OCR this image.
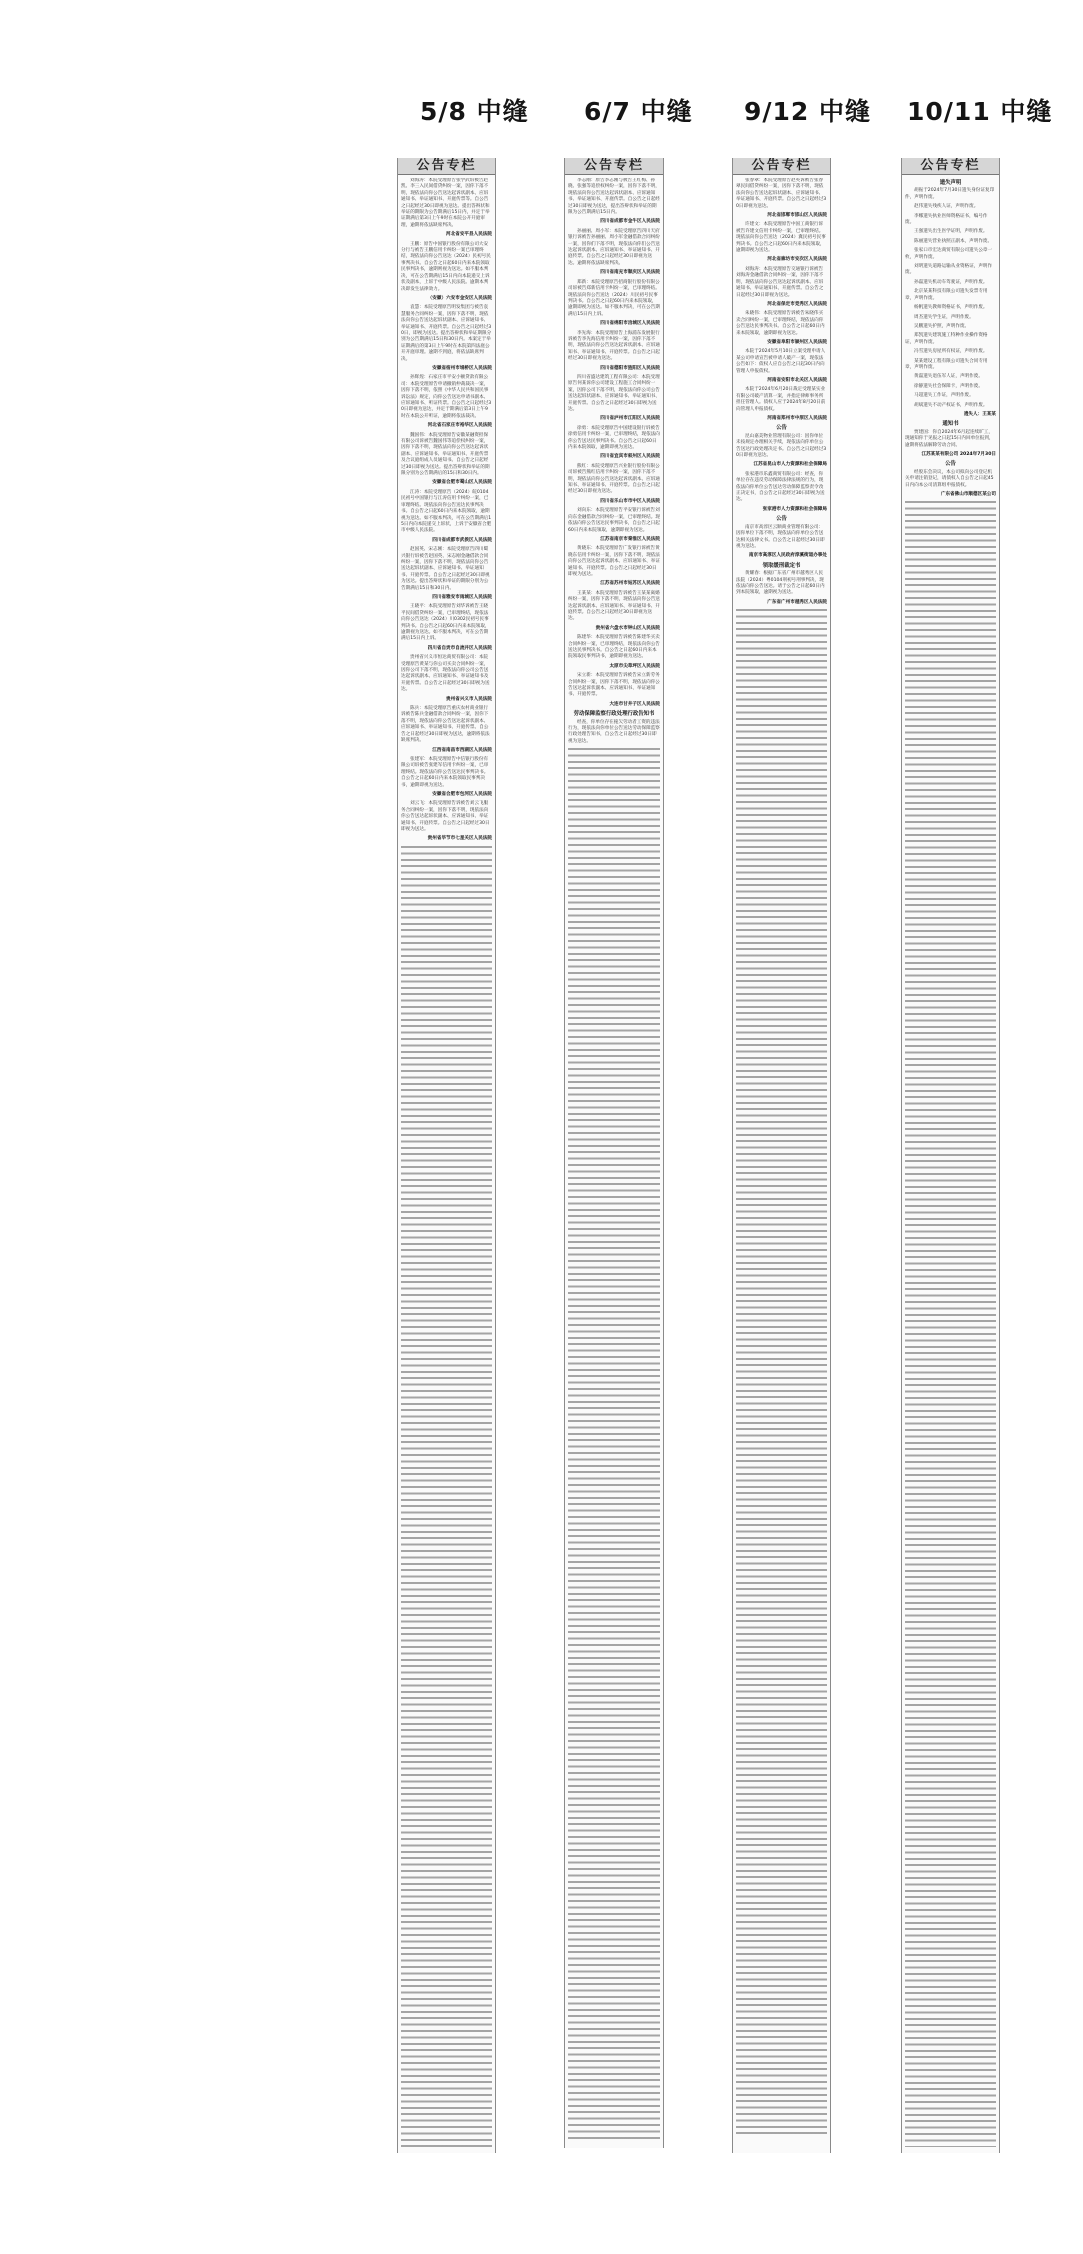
5/8 中缝 6/7 中缝 9/12 中缝 10/11 中缝
公告专栏

刘海涛：本院受理原告张学武诉被告赵凯、李三入民间借贷纠纷一案，因你下落不明，现依法向你公告送达起诉状副本、应诉通知书、举证通知书、开庭传票等。自公告之日起经过30日即视为送达。提出答辩状和举证的期限为公告期满后15日内，并定于举证期满后第3日上午9时在本院公开开庭审理，逾期将依法缺席判决。

河北省安平县人民法院

王鹏：原告中国银行股份有限公司大安分行与被告王鹏信用卡纠纷一案已审理终结，现依法向你公告送达（2024）民初号民事判决书。自公告之日起60日内来本院领取民事判决书，逾期则视为送达。如不服本判决，可在公告期满后15日内向本院递交上诉状及副本，上诉于中级人民法院。逾期本判决即发生法律效力。

（安徽）六安市金安区人民法院

袁慧：本院受理原告明发集团与被告袁慧服务合同纠纷一案，因你下落不明，现依法向你公告送达起诉状副本、应诉通知书、举证通知书、开庭传票。自公告之日起经过30日，即视为送达。提出答辩状和举证期限分别为公告期满后15日和30日内。本案定于举证期满后的第3日上午9时在本院第四法庭公开开庭审理。逾期不到庭，将依法缺席判决。

安徽省宿州市埇桥区人民法院

孙辉煌：石家庄市平安小额贷款有限公司：本院受理原告申请撤销仲裁裁决一案，因你下落不明，依照《中华人民共和国民事诉讼法》规定，向你公告送达申请书副本、应诉通知书、听证传票。自公告之日起经过30日即视为送达，并定于期满后第3日上午9时在本院公开听证，逾期将依法裁决。

河北省石家庄市裕华区人民法院

魏国伟：本院受理原告安徽某融资担保有限公司诉被告魏国伟等追偿权纠纷一案，因你下落不明，现依法向你公告送达起诉状副本、应诉通知书、举证通知书、开庭传票及合议庭组成人员通知书。自公告之日起经过30日即视为送达。提出答辩状和举证的期限分别为公告期满后的15日和30日内。

安徽省合肥市蜀山区人民法院

江涛：本院受理原告（2024）皖0104民初号中国银行与江涛信用卡纠纷一案，已审理终结。现依法向你公告送达民事判决书。自公告之日起60日内来本院领取，逾期视为送达。如不服本判决，可在公告期满后15日内向本院递交上诉状，上诉于安徽省合肥市中级人民法院。

四川省成都市武侯区人民法院

赵国英、宋志刚：本院受理原告四川蜀兴银行诉被告赵国英、宋志刚金融借款合同纠纷一案，因你下落不明，现依法向你公告送达起诉状副本、应诉通知书、举证通知书、开庭传票。自公告之日起经过30日即视为送达。提出答辩状和举证的期限分别为公告期满后15日和30日内。

四川省雅安市雨城区人民法院

王晓平：本院受理原告刘华诉被告王晓平民间借贷纠纷一案，已审理终结，现依法向你公告送达（2024）川0302民初号民事判决书。自公告之日起60日内来本院领取，逾期视为送达。如不服本判决，可在公告期满后15日内上诉。

四川省自贡市自流井区人民法院

贵州省兴义市恒达商贸有限公司：本院受理原告黄某与你公司买卖合同纠纷一案，因你公司下落不明，现依法向你公司公告送达起诉状副本、应诉通知书、举证通知书及开庭传票。自公告之日起经过30日即视为送达。

贵州省兴义市人民法院

陈兵：本院受理原告重庆农村商业银行诉被告陈兵金融借款合同纠纷一案，因你下落不明，现依法向你公告送达起诉状副本、应诉通知书、举证通知书、开庭传票。自公告之日起经过30日即视为送达，逾期将依法缺席判决。

江西省南昌市西湖区人民法院

张建军：本院受理原告中信银行股份有限公司诉被告张建军信用卡纠纷一案，已审理终结。现依法向你公告送达民事判决书。自公告之日起60日内来本院领取民事判决书，逾期即视为送达。

安徽省合肥市包河区人民法院

刘云飞：本院受理原告诉被告刘云飞服务合同纠纷一案，因你下落不明，现依法向你公告送达起诉状副本、应诉通知书、举证通知书、开庭传票。自公告之日起经过30日即视为送达。

贵州省毕节市七星关区人民法院

公告专栏

李志刚：原告李志刚与被告王红梅、孙晓、张强等追偿权纠纷一案，因你下落不明，现依法向你公告送达起诉状副本、应诉通知书、举证通知书、开庭传票。自公告之日起经过30日即视为送达，提出答辩状和举证的期限为公告期满后15日内。

四川省成都市金牛区人民法院

孙丽丽、周小军：本院受理原告四川天府银行诉被告孙丽丽、周小军金融借款合同纠纷一案，因你们下落不明，现依法向你们公告送达起诉状副本、应诉通知书、举证通知书、开庭传票。自公告之日起经过30日即视为送达。逾期将依法缺席判决。

四川省南充市顺庆区人民法院

郑新：本院受理原告招商银行股份有限公司诉被告郑新信用卡纠纷一案，已审理终结。现依法向你公告送达（2024）川民初号民事判决书。自公告之日起60日内来本院领取，逾期即视为送达。如不服本判决，可在公告期满后15日内上诉。

四川省绵阳市涪城区人民法院

李先海：本院受理原告上海浦东发展银行诉被告李先海信用卡纠纷一案，因你下落不明，现依法向你公告送达起诉状副本、应诉通知书、举证通知书、开庭传票。自公告之日起经过30日即视为送达。

四川省德阳市旌阳区人民法院

四川省盛达建筑工程有限公司：本院受理原告何某诉你公司建设工程施工合同纠纷一案，因你公司下落不明，现依法向你公司公告送达起诉状副本、应诉通知书、举证通知书、开庭传票。自公告之日起经过30日即视为送达。

四川省泸州市江阳区人民法院

徐勇：本院受理原告中国建设银行诉被告徐勇信用卡纠纷一案，已审理终结，现依法向你公告送达民事判决书。自公告之日起60日内来本院领取，逾期即视为送达。

四川省宜宾市叙州区人民法院

熊红：本院受理原告兴业银行股份有限公司诉被告熊红信用卡纠纷一案，因你下落不明，现依法向你公告送达起诉状副本、应诉通知书、举证通知书、开庭传票。自公告之日起经过30日即视为送达。

四川省乐山市市中区人民法院

刘向东：本院受理原告平安银行诉被告刘向东金融借款合同纠纷一案，已审理终结。现依法向你公告送达民事判决书，自公告之日起60日内来本院领取，逾期即视为送达。

江苏省南京市秦淮区人民法院

黄晓东：本院受理原告广发银行诉被告黄晓东信用卡纠纷一案，因你下落不明，现依法向你公告送达起诉状副本、应诉通知书、举证通知书、开庭传票。自公告之日起经过30日即视为送达。

江苏省苏州市姑苏区人民法院

王某某：本院受理原告诉被告王某某离婚纠纷一案，因你下落不明，现依法向你公告送达起诉状副本、应诉通知书、举证通知书、开庭传票。自公告之日起经过30日即视为送达。

贵州省六盘水市钟山区人民法院

陈建华：本院受理原告诉被告陈建华买卖合同纠纷一案，已审理终结，现依法向你公告送达民事判决书。自公告之日起60日内来本院领取民事判决书，逾期即视为送达。

太原市尖草坪区人民法院

宋立新：本院受理原告诉被告宋立新劳务合同纠纷一案，因你下落不明，现依法向你公告送达起诉状副本、应诉通知书、举证通知书、开庭传票。

大连市甘井子区人民法院

劳动保障监察行政处理行政告知书

经查，你单位存在拖欠劳动者工资的违法行为，现依法向你单位公告送达劳动保障监察行政处理告知书，自公告之日起经过30日即视为送达。

公告专栏

张春翠：本院受理原告赵英诉被告张春翠民间借贷纠纷一案，因你下落不明，现依法向你公告送达起诉状副本、应诉通知书、举证通知书、开庭传票。自公告之日起经过30日即视为送达。

河北省邯郸市邯山区人民法院

许建文：本院受理原告中国工商银行诉被告许建文信用卡纠纷一案，已审理终结。现依法向你公告送达（2024）冀民初号民事判决书。自公告之日起60日内来本院领取，逾期即视为送达。

河北省廊坊市安次区人民法院

刘海涛：本院受理原告交通银行诉被告刘海涛金融借款合同纠纷一案，因你下落不明，现依法向你公告送达起诉状副本、应诉通知书、举证通知书、开庭传票。自公告之日起经过30日即视为送达。

河北省保定市竞秀区人民法院

朱晓伟：本院受理原告诉被告朱晓伟买卖合同纠纷一案，已审理终结，现依法向你公告送达民事判决书。自公告之日起60日内来本院领取，逾期即视为送达。

安徽省阜阳市颍州区人民法院

本院于2024年5月10日立案受理申请人某公司申请宣告被申请人破产一案，现依法公告如下：债权人应自公告之日起30日内向管理人申报债权。

河南省安阳市北关区人民法院

本院于2024年6月20日裁定受理某实业有限公司破产清算一案，并指定律师事务所担任管理人。债权人应于2024年8月20日前向管理人申报债权。

河南省郑州市中原区人民法院

公告

昆山嘉美物业管理有限公司：因你单位未按规定办理相关手续，现依法向你单位公告送达行政处理决定书。自公告之日起经过30日即视为送达。

江苏省昆山市人力资源和社会保障局

张家港市乐鑫商贸有限公司：经查，你单位存在违反劳动保障法律法规的行为，现依法向你单位公告送达劳动保障监察责令改正决定书，自公告之日起经过30日即视为送达。

张家港市人力资源和社会保障局

公告

南京市高淳区云顺商业管理有限公司：因你单位下落不明，现依法向你单位公告送达相关法律文书。自公告之日起经过30日即视为送达。

南京市高淳区人民政府淳溪街道办事处

领取缓刑裁定书

黄耀春：根据广东省广州市越秀区人民法院（2024）粤0104刑初号刑事判决，现依法向你公告送达。请于公告之日起60日内到本院领取，逾期视为送达。

广东省广州市越秀区人民法院

公告专栏

遗失声明

胡振于2024年7月30日遗失身份证复印件，声明作废。

赵伟遗失残疾人证，声明作废。

李娜遗失执业医师资格证书，编号作废。

王强遗失出生医学证明，声明作废。

陈丽遗失营业执照正副本，声明作废。

张家口市宏达商贸有限公司遗失公章一枚，声明作废。

刘明遗失道路运输从业资格证，声明作废。

孙磊遗失机动车驾驶证，声明作废。

北京某某科技有限公司遗失发票专用章，声明作废。

杨帆遗失教师资格证书，声明作废。

周杰遗失学生证，声明作废。

吴鹏遗失护照，声明作废。

郑凯遗失建筑施工特种作业操作资格证，声明作废。

冯雪遗失房屋所有权证，声明作废。

某某建设工程有限公司遗失合同专用章，声明作废。

黄磊遗失退伍军人证，声明作废。

徐静遗失社会保障卡，声明作废。

马超遗失工作证，声明作废。

胡斌遗失不动产权证书，声明作废。

遗失人：王某某

通知书

贾建国：你自2024年6月起连续旷工，现通知你于见报之日起15日内回单位报到，逾期将依法解除劳动合同。

江苏某某有限公司 2024年7月30日

公告

经股东会决议，本公司拟向公司登记机关申请注销登记，请债权人自公告之日起45日内向本公司清算组申报债权。

广东省佛山市顺德区某公司
